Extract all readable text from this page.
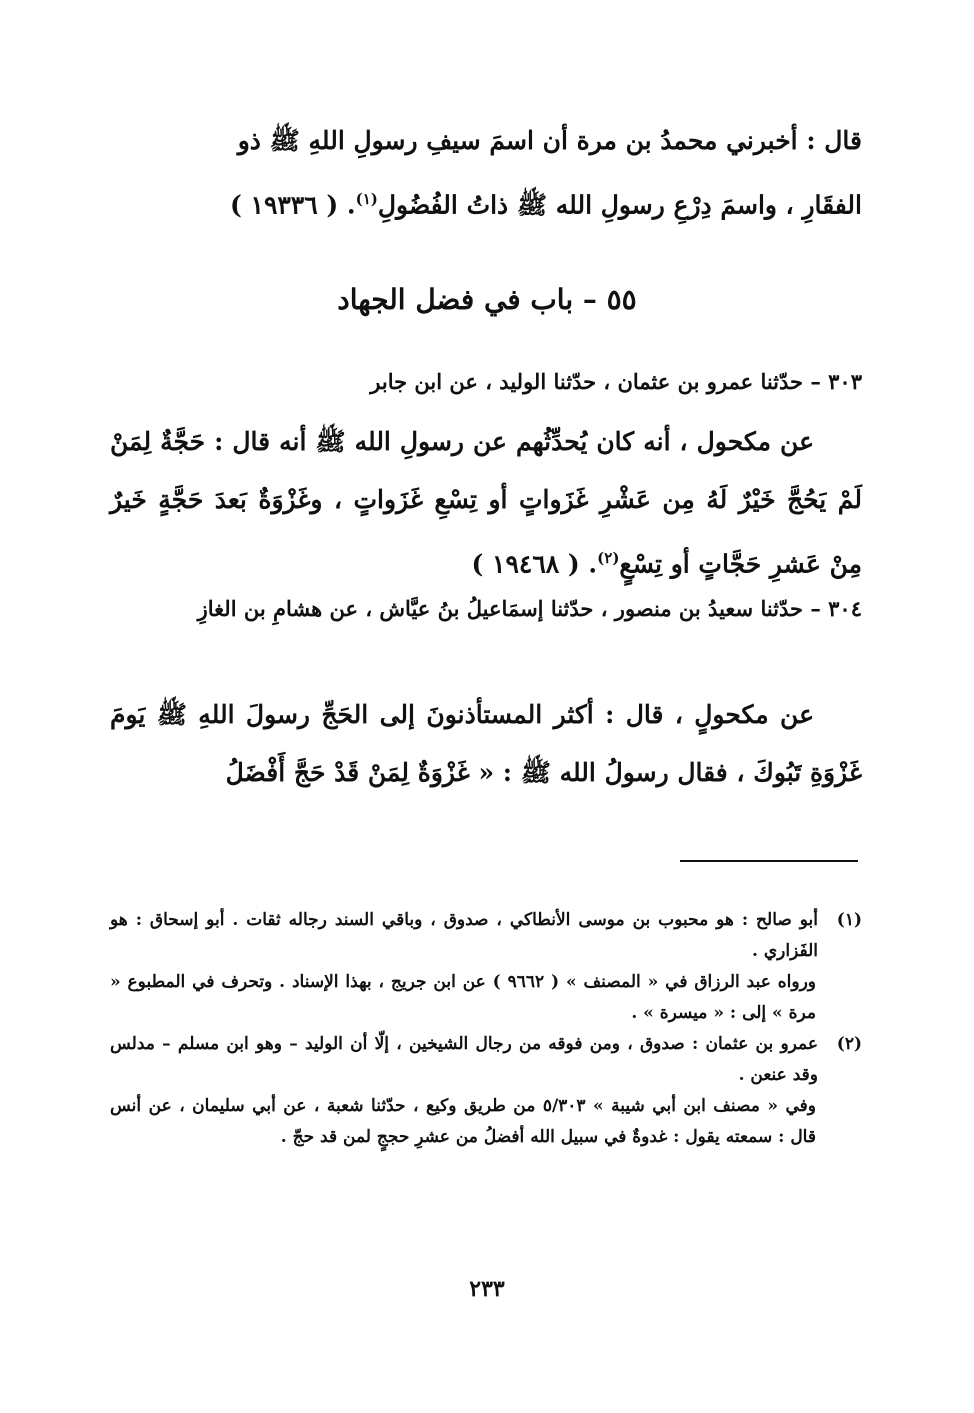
قال : أخبرني محمدُ بن مرة أن اسمَ سيفِ رسولِ اللهِ ﷺ ذو
الفقَارِ ، واسمَ دِرْعِ رسولِ الله ﷺ ذاتُ الفُضُولِ$^{(١)}$. ( ١٩٣٣٦ )
٥٥ – باب في فضل الجهاد
٣٠٣ – حدّثنا عمرو بن عثمان ، حدّثنا الوليد ، عن ابن جابر
عن مكحول ، أنه كان يُحدِّثُهم عن رسولِ الله ﷺ أنه قال : حَجَّةٌ لِمَنْ لَمْ يَحُجَّ خَيْرٌ لَهُ مِن عَشْرِ غَزَواتٍ أو تِسْعِ غَزَواتٍ ، وغَزْوَةٌ بَعدَ حَجَّةٍ خَيرٌ مِنْ عَشرِ حَجَّاتٍ أو تِسْعٍ$^{(٢)}$. ( ١٩٤٦٨ )
٣٠٤ – حدّثنا سعيدُ بن منصور ، حدّثنا إسمَاعيلُ بنُ عيَّاش ، عن هشامِ بن الغازِ
عن مكحولٍ ، قال : أكثر المستأذنونَ إلى الحَجِّ رسولَ اللهِ ﷺ يَومَ غَزْوَةِ تَبُوكَ ، فقال رسولُ الله ﷺ : « غَزْوَةٌ لِمَنْ قَدْ حَجَّ أَفْضَلُ
(١)
أبو صالح : هو محبوب بن موسى الأنطاكي ، صدوق ، وباقي السند رجاله ثقات . أبو إسحاق : هو الفَزاري .
ورواه عبد الرزاق في « المصنف » ( ٩٦٦٢ ) عن ابن جريج ، بهذا الإسناد . وتحرف في المطبوع « مرة » إلى : « ميسرة » .
(٢)
عمرو بن عثمان : صدوق ، ومن فوقه من رجال الشيخين ، إلّا أن الوليد – وهو ابن مسلم – مدلس وقد عنعن .
وفي « مصنف ابن أبي شيبة » ٥/٣٠٣ من طريق وكيع ، حدّثنا شعبة ، عن أبي سليمان ، عن أنس قال : سمعته يقول : غدوةٌ في سبيل الله أفضلُ من عشرِ حججٍ لمن قد حجّ .
٢٣٣
